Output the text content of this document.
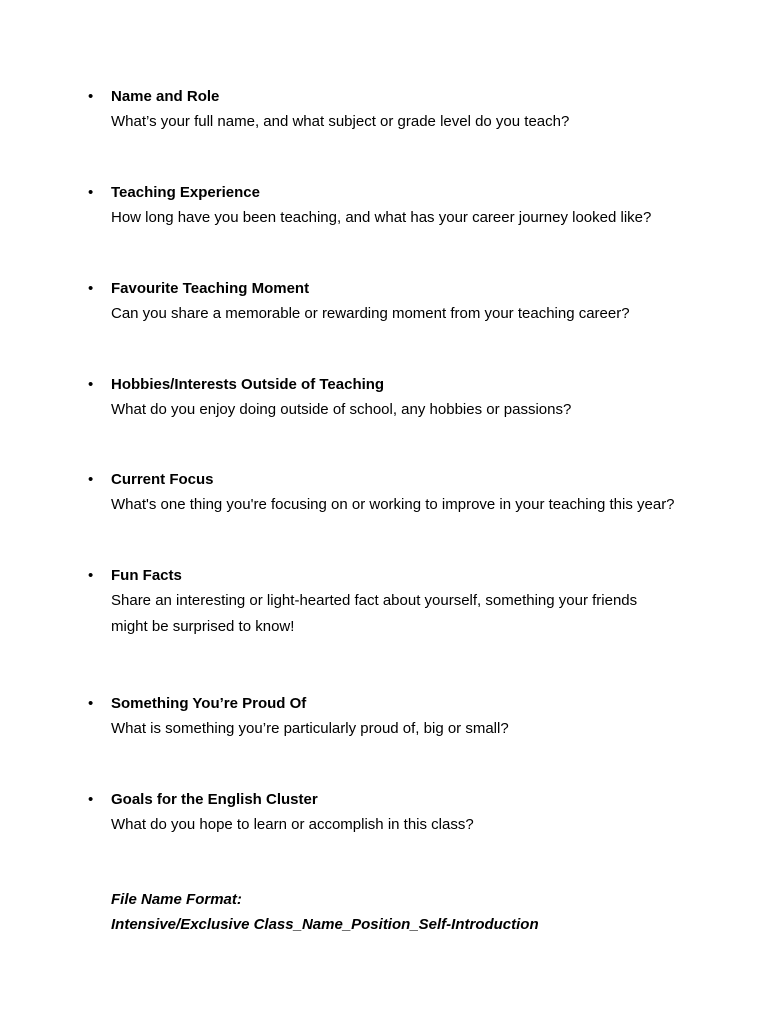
•	Name and Role
What’s your full name, and what subject or grade level do you teach?
•	Teaching Experience
How long have you been teaching, and what has your career journey looked like?
•	Favourite Teaching Moment
Can you share a memorable or rewarding moment from your teaching career?
•	Hobbies/Interests Outside of Teaching
What do you enjoy doing outside of school, any hobbies or passions?
•	Current Focus
What's one thing you're focusing on or working to improve in your teaching this year?
•	Fun Facts
Share an interesting or light-hearted fact about yourself, something your friends might be surprised to know!
•	Something You’re Proud Of
What is something you’re particularly proud of, big or small?
•	Goals for the English Cluster
What do you hope to learn or accomplish in this class?
File Name Format:
Intensive/Exclusive Class_Name_Position_Self-Introduction
